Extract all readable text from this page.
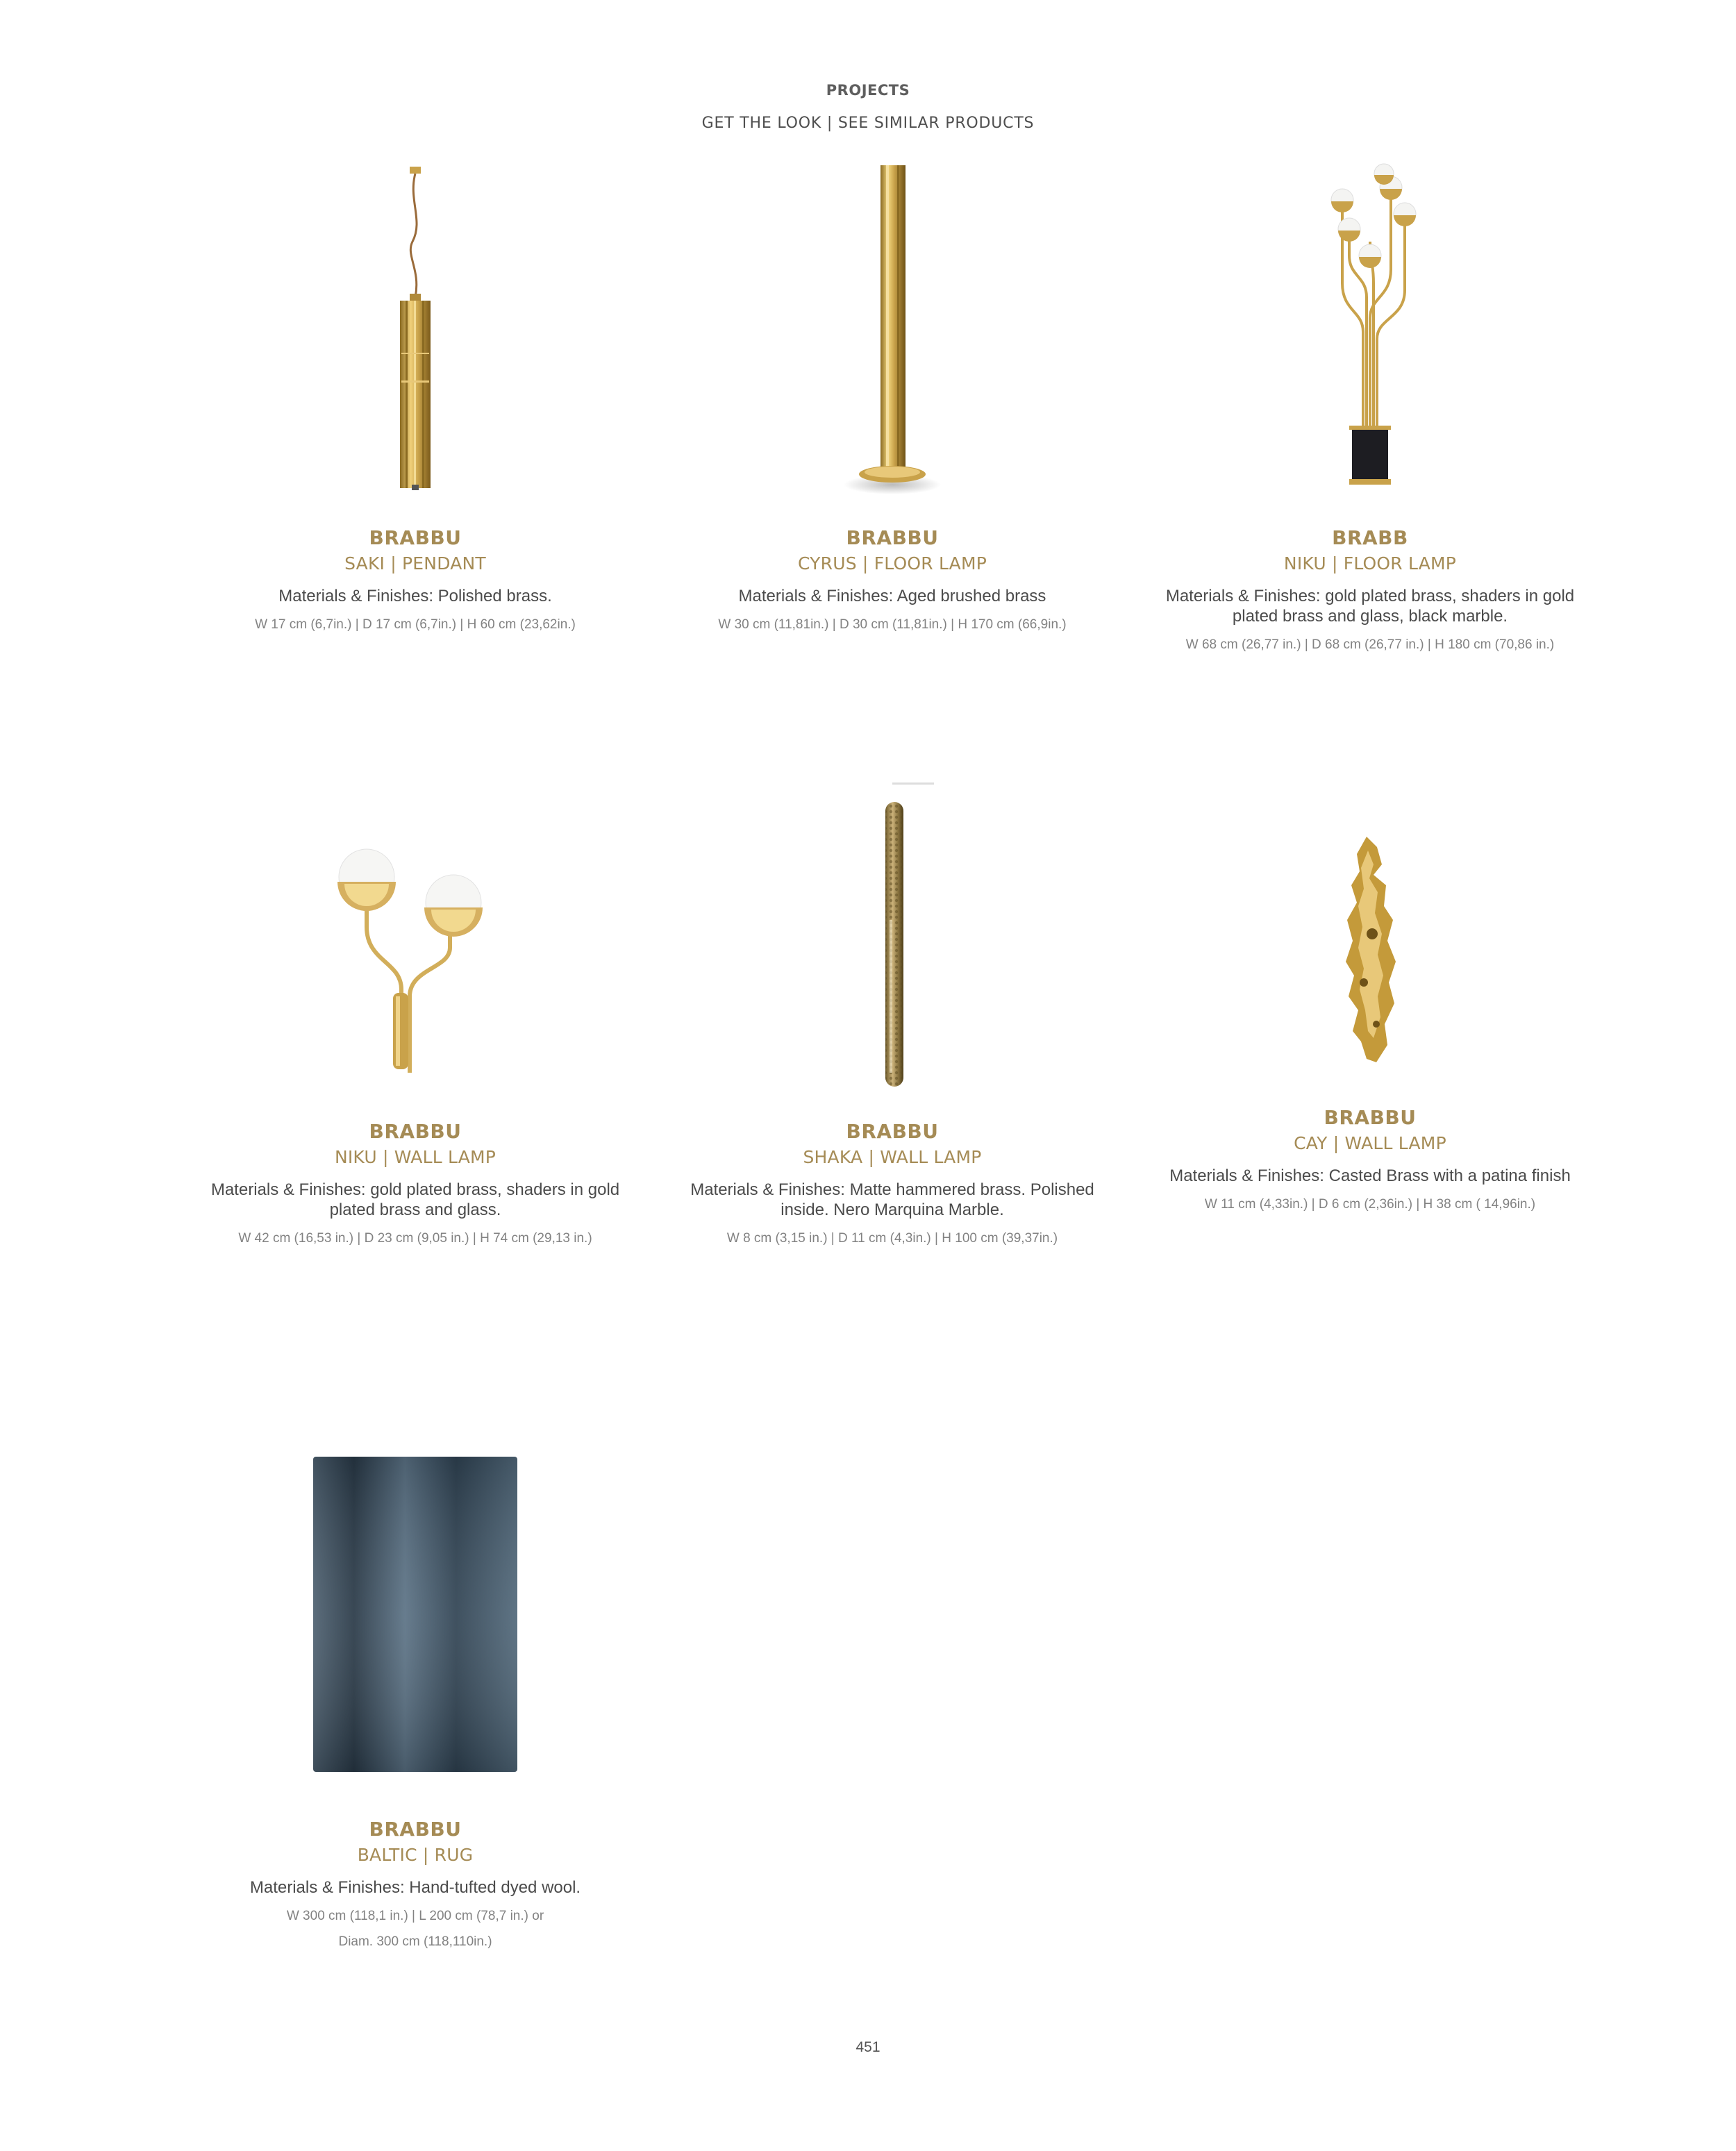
PROJECTS
GET THE LOOK | SEE SIMILAR PRODUCTS
BRABBU
SAKI | PENDANT
Materials & Finishes: Polished brass.
W 17 cm (6,7in.) | D 17 cm (6,7in.) | H 60 cm (23,62in.)
BRABBU
CYRUS | FLOOR LAMP
Materials & Finishes: Aged brushed brass
W 30 cm (11,81in.) | D 30 cm (11,81in.) | H 170 cm (66,9in.)
BRABB
NIKU | FLOOR LAMP
Materials & Finishes: gold plated brass, shaders in gold plated brass and glass, black marble.
W 68 cm (26,77 in.) | D 68 cm (26,77 in.) | H 180 cm (70,86 in.)
BRABBU
NIKU | WALL LAMP
Materials & Finishes: gold plated brass, shaders in gold plated brass and glass.
W 42 cm (16,53 in.) | D 23 cm (9,05 in.) | H 74 cm (29,13 in.)
BRABBU
SHAKA | WALL LAMP
Materials & Finishes: Matte hammered brass. Polished inside. Nero Marquina Marble.
W 8 cm (3,15 in.) | D 11 cm (4,3in.) | H 100 cm (39,37in.)
BRABBU
CAY | WALL LAMP
Materials & Finishes: Casted Brass with a patina finish
W 11 cm (4,33in.) | D 6 cm (2,36in.) | H 38 cm ( 14,96in.)
BRABBU
BALTIC | RUG
Materials & Finishes: Hand-tufted dyed wool.
W 300 cm (118,1 in.) | L 200 cm (78,7 in.) or
Diam. 300 cm (118,110in.)
451
